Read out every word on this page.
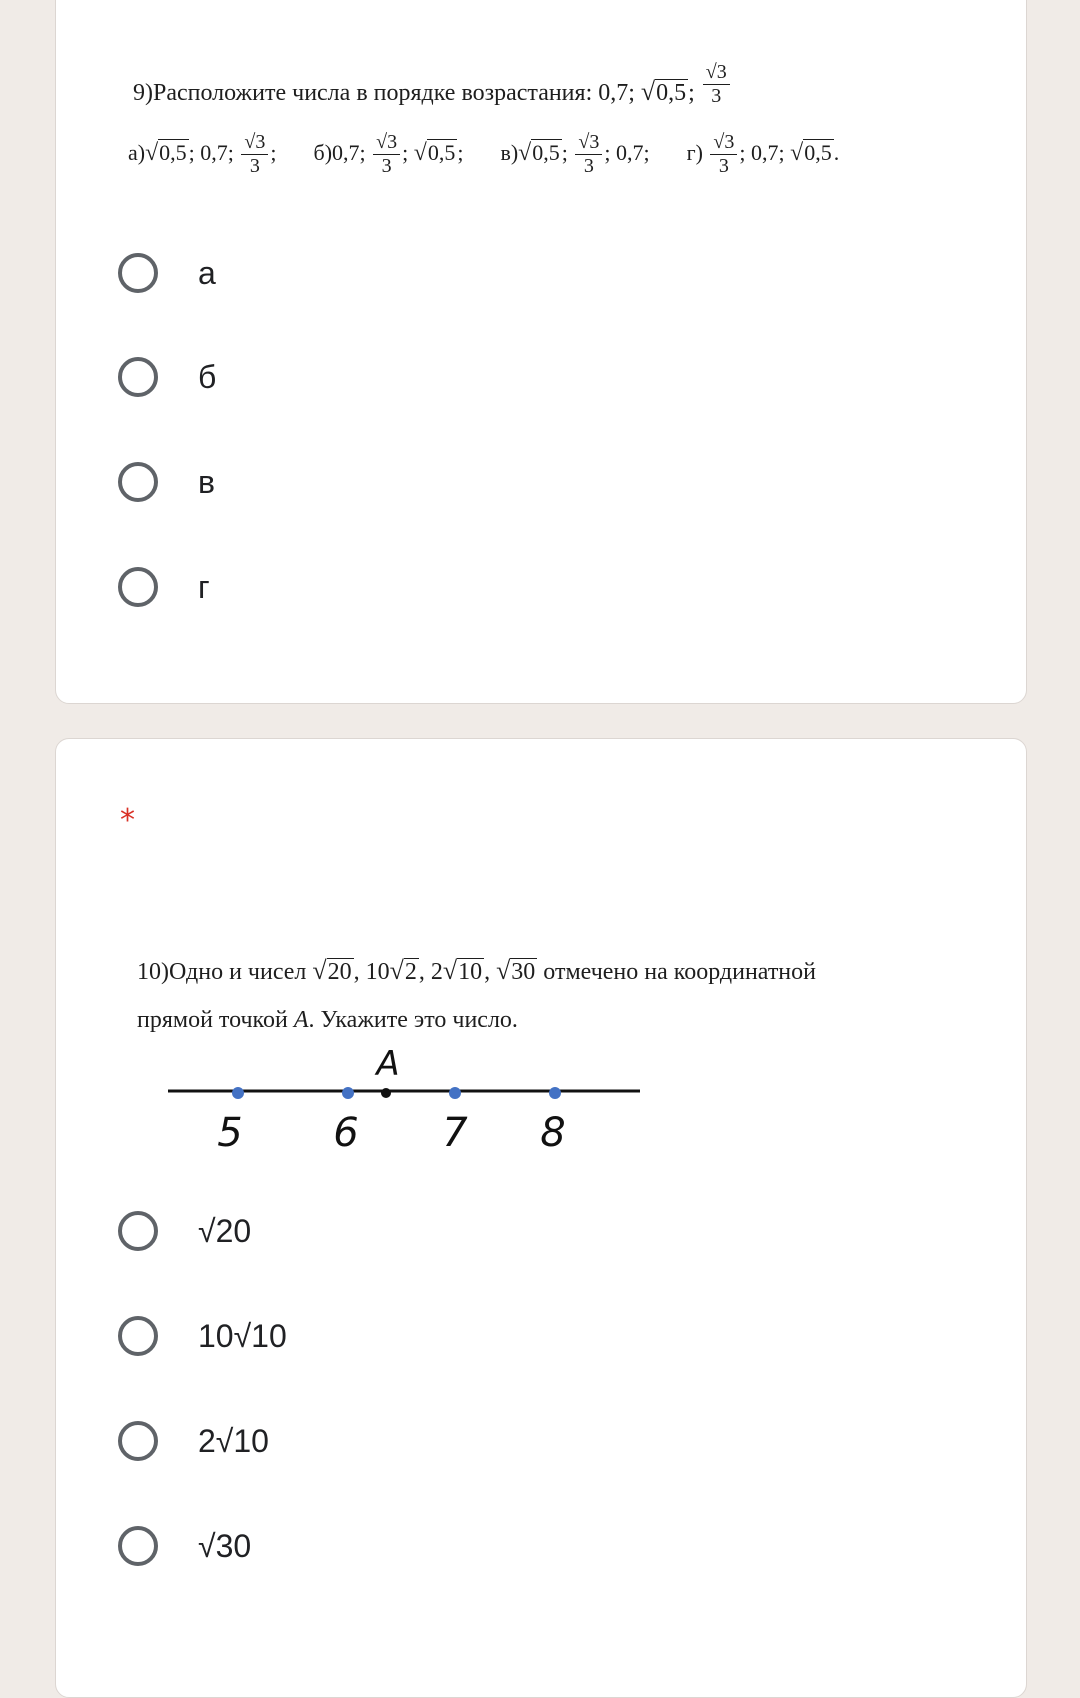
9)Расположите числа в порядке возрастания: 0,7; √0,5; $\frac{√3}{3}$
а)√0,5; 0,7; $\frac{√3}{3}$ ; б)0,7; $\frac{√3}{3}$ ; √0,5; в)√0,5; $\frac{√3}{3}$ ; 0,7; $г) \frac{√3}{3}$ ; 0,7; √0,5.
а
б
в
г
*
10)Одно и чисел √20, 10√2, 2√10, √30 отмечено на координатной
прямой точкой A. Укажите это число.
A
5 6 7 8
√20
10√10
2√10
√30
